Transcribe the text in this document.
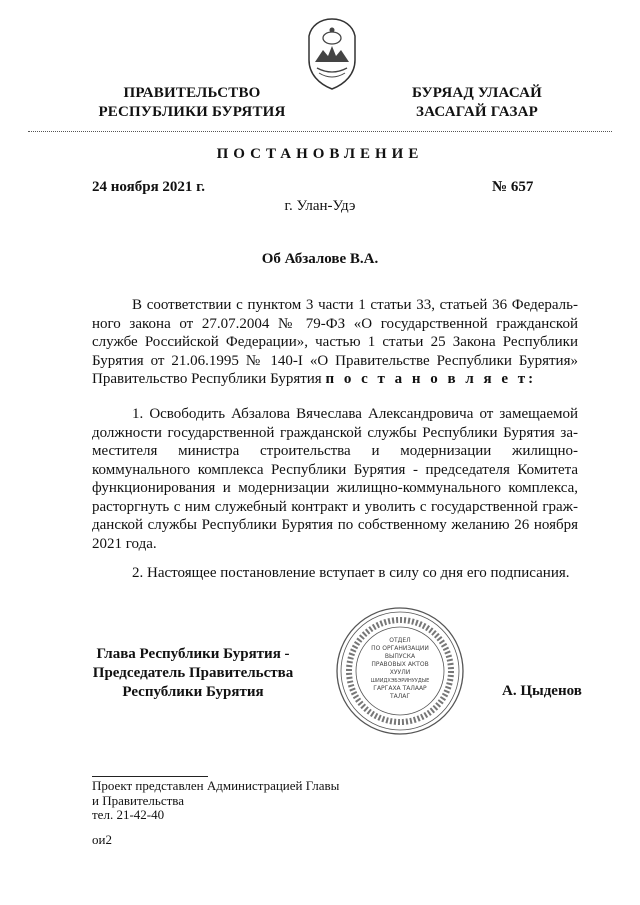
ПРАВИТЕЛЬСТВО
РЕСПУБЛИКИ БУРЯТИЯ
БУРЯАД УЛАСАЙ
ЗАСАГАЙ ГАЗАР
ПОСТАНОВЛЕНИЕ
24 ноября 2021 г.	№ 657
г. Улан-Удэ
Об Абзалове В.А.
В соответствии с пунктом 3 части 1 статьи 33, статьей 36 Федераль-ного закона от 27.07.2004 № 79-ФЗ «О государственной гражданской службе Российской Федерации», частью 1 статьи 25 Закона Республики Бурятия от 21.06.1995 № 140-I «О Правительстве Республики Бурятия» Правительство Республики Бурятия п о с т а н о в л я е т:
1. Освободить Абзалова Вячеслава Александровича от замещаемой должности государственной гражданской службы Республики Бурятия за-местителя министра строительства и модернизации жилищно-коммунального комплекса Республики Бурятия - председателя Комитета функционирования и модернизации жилищно-коммунального комплекса, расторгнуть с ним служебный контракт и уволить с государственной граж-данской службы Республики Бурятия по собственному желанию 26 ноября 2021 года.
2. Настоящее постановление вступает в силу со дня его подписания.
Глава Республики Бурятия -
Председатель Правительства
Республики Бурятия
ОТДЕЛ
ПО ОРГАНИЗАЦИИ
ВЫПУСКА
ПРАВОВЫХ АКТОВ
ХУУЛИ
ШИИДХЭБЭРИНУУДЫЕ
ГАРГАХА ТАЛААР
ТАЛАГ	А. Цыденов
Проект представлен Администрацией Главы
и Правительства
тел. 21-42-40
ои2
